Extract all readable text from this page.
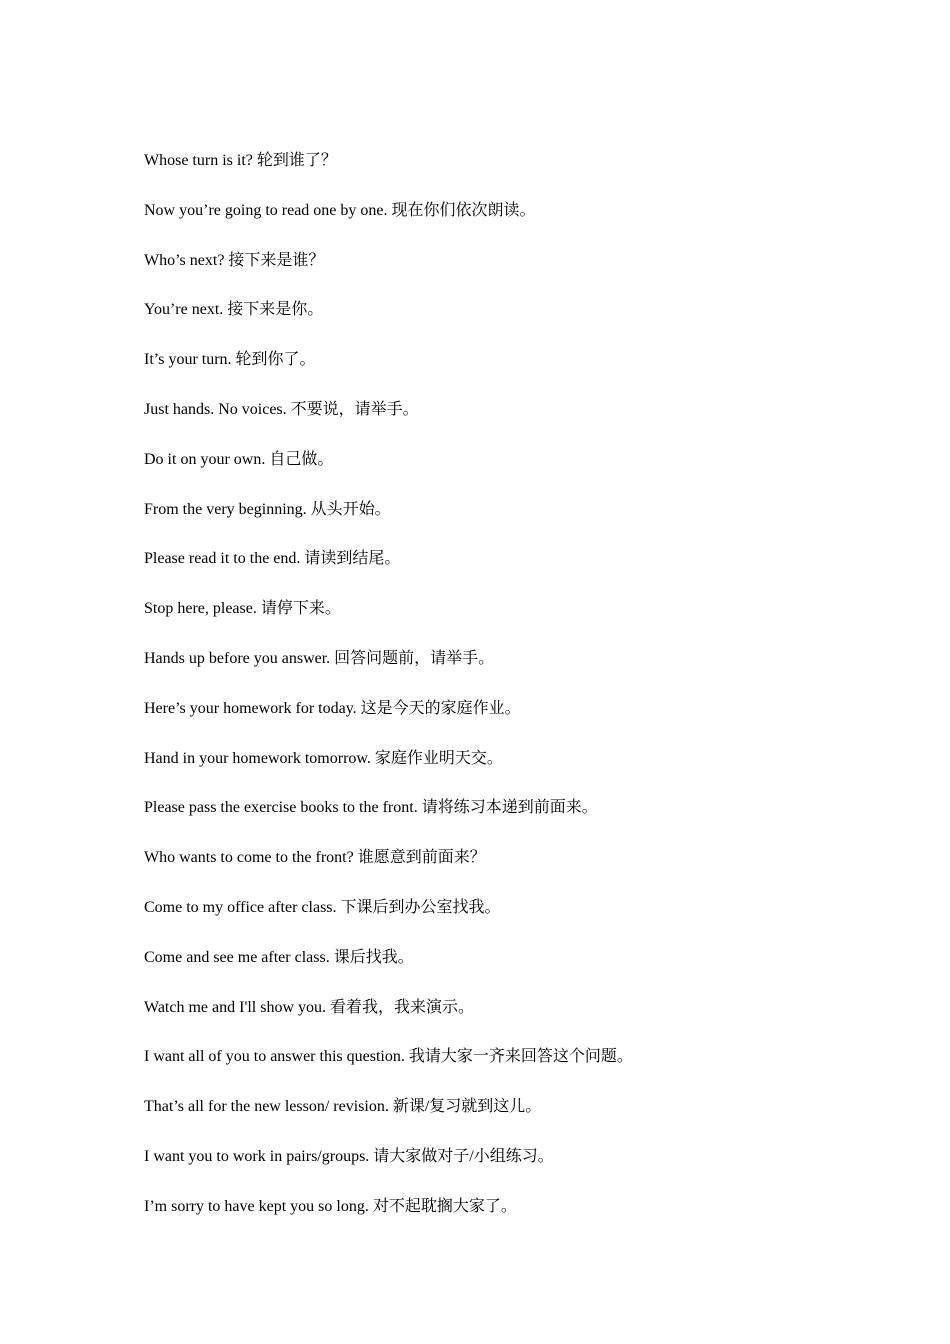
Whose turn is it? 轮到谁了？
Now you’re going to read one by one. 现在你们依次朗读。
Who’s next? 接下来是谁？
You’re next. 接下来是你。
It’s your turn. 轮到你了。
Just hands. No voices. 不要说，请举手。
Do it on your own. 自己做。
From the very beginning. 从头开始。
Please read it to the end. 请读到结尾。
Stop here, please. 请停下来。
Hands up before you answer. 回答问题前，请举手。
Here’s your homework for today. 这是今天的家庭作业。
Hand in your homework tomorrow. 家庭作业明天交。
Please pass the exercise books to the front. 请将练习本递到前面来。
Who wants to come to the front? 谁愿意到前面来？
Come to my office after class. 下课后到办公室找我。
Come and see me after class. 课后找我。
Watch me and I'll show you. 看着我，我来演示。
I want all of you to answer this question. 我请大家一齐来回答这个问题。
That’s all for the new lesson/ revision. 新课/复习就到这儿。
I want you to work in pairs/groups. 请大家做对子/小组练习。
I’m sorry to have kept you so long. 对不起耽搁大家了。
